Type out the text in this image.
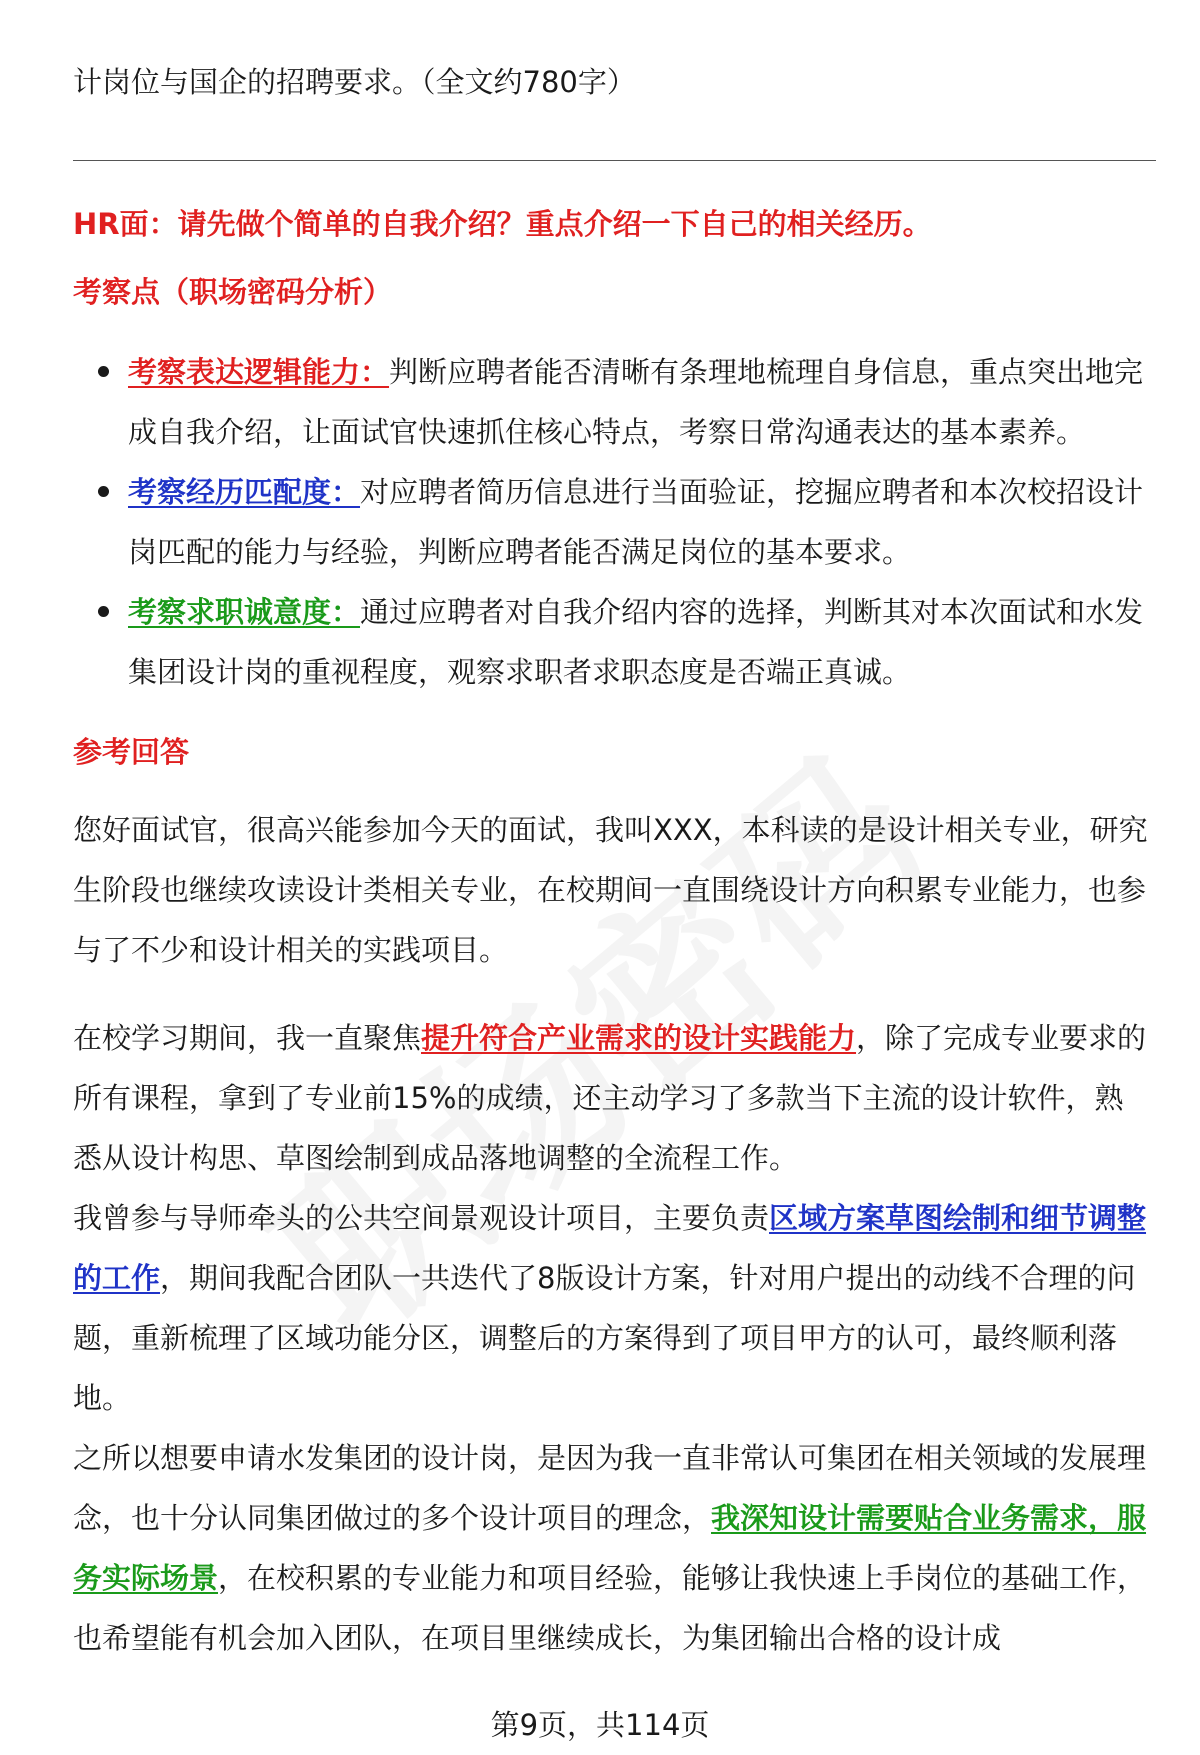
计岗位与国企的招聘要求。（全文约780字）

HR面：请先做个简单的自我介绍？重点介绍一下自己的相关经历。

考察点（职场密码分析）

考察表达逻辑能力：判断应聘者能否清晰有条理地梳理自身信息，重点突出地完成自我介绍，让面试官快速抓住核心特点，考察日常沟通表达的基本素养。
考察经历匹配度：对应聘者简历信息进行当面验证，挖掘应聘者和本次校招设计岗匹配的能力与经验，判断应聘者能否满足岗位的基本要求。
考察求职诚意度：通过应聘者对自我介绍内容的选择，判断其对本次面试和水发集团设计岗的重视程度，观察求职者求职态度是否端正真诚。

参考回答

您好面试官，很高兴能参加今天的面试，我叫XXX，本科读的是设计相关专业，研究生阶段也继续攻读设计类相关专业，在校期间一直围绕设计方向积累专业能力，也参与了不少和设计相关的实践项目。

在校学习期间，我一直聚焦提升符合产业需求的设计实践能力，除了完成专业要求的所有课程，拿到了专业前15%的成绩，还主动学习了多款当下主流的设计软件，熟悉从设计构思、草图绘制到成品落地调整的全流程工作。

我曾参与导师牵头的公共空间景观设计项目，主要负责区域方案草图绘制和细节调整的工作，期间我配合团队一共迭代了8版设计方案，针对用户提出的动线不合理的问题，重新梳理了区域功能分区，调整后的方案得到了项目甲方的认可，最终顺利落地。

之所以想要申请水发集团的设计岗，是因为我一直非常认可集团在相关领域的发展理念，也十分认同集团做过的多个设计项目的理念，我深知设计需要贴合业务需求，服务实际场景，在校积累的专业能力和项目经验，能够让我快速上手岗位的基础工作，也希望能有机会加入团队，在项目里继续成长，为集团输出合格的设计成

第9页，共114页
